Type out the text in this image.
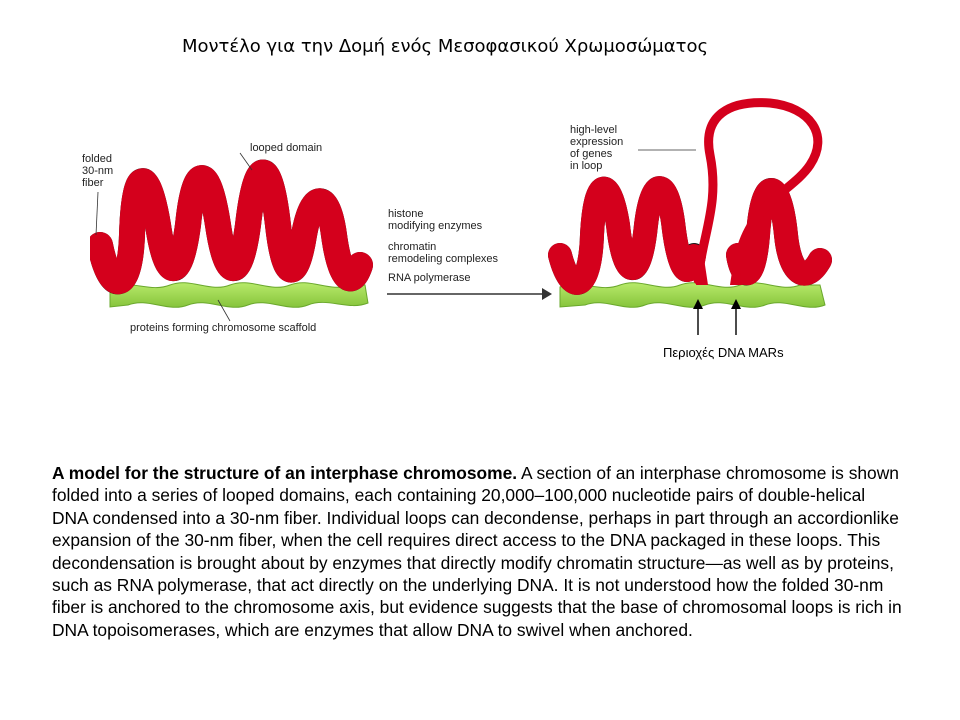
Μοντέλο για την Δομή ενός Μεσοφασικού Χρωμοσώματος
folded
30-nm
fiber
looped domain
histone
modifying enzymes
chromatin
remodeling complexes
RNA polymerase
proteins forming chromosome scaffold
high-level
expression
of genes
in loop
Περιοχές DNA MARs
A model for the structure of an interphase chromosome. A section of an interphase chromosome is shown folded into a series of looped domains, each containing 20,000–100,000 nucleotide pairs of double-helical DNA condensed into a 30-nm fiber. Individual loops can decondense, perhaps in part through an accordionlike expansion of the 30-nm fiber, when the cell requires direct access to the DNA packaged in these loops. This decondensation is brought about by enzymes that directly modify chromatin structure—as well as by proteins, such as RNA polymerase, that act directly on the underlying DNA. It is not understood how the folded 30-nm fiber is anchored to the chromosome axis, but evidence suggests that the base of chromosomal loops is rich in DNA topoisomerases, which are enzymes that allow DNA to swivel when anchored.
